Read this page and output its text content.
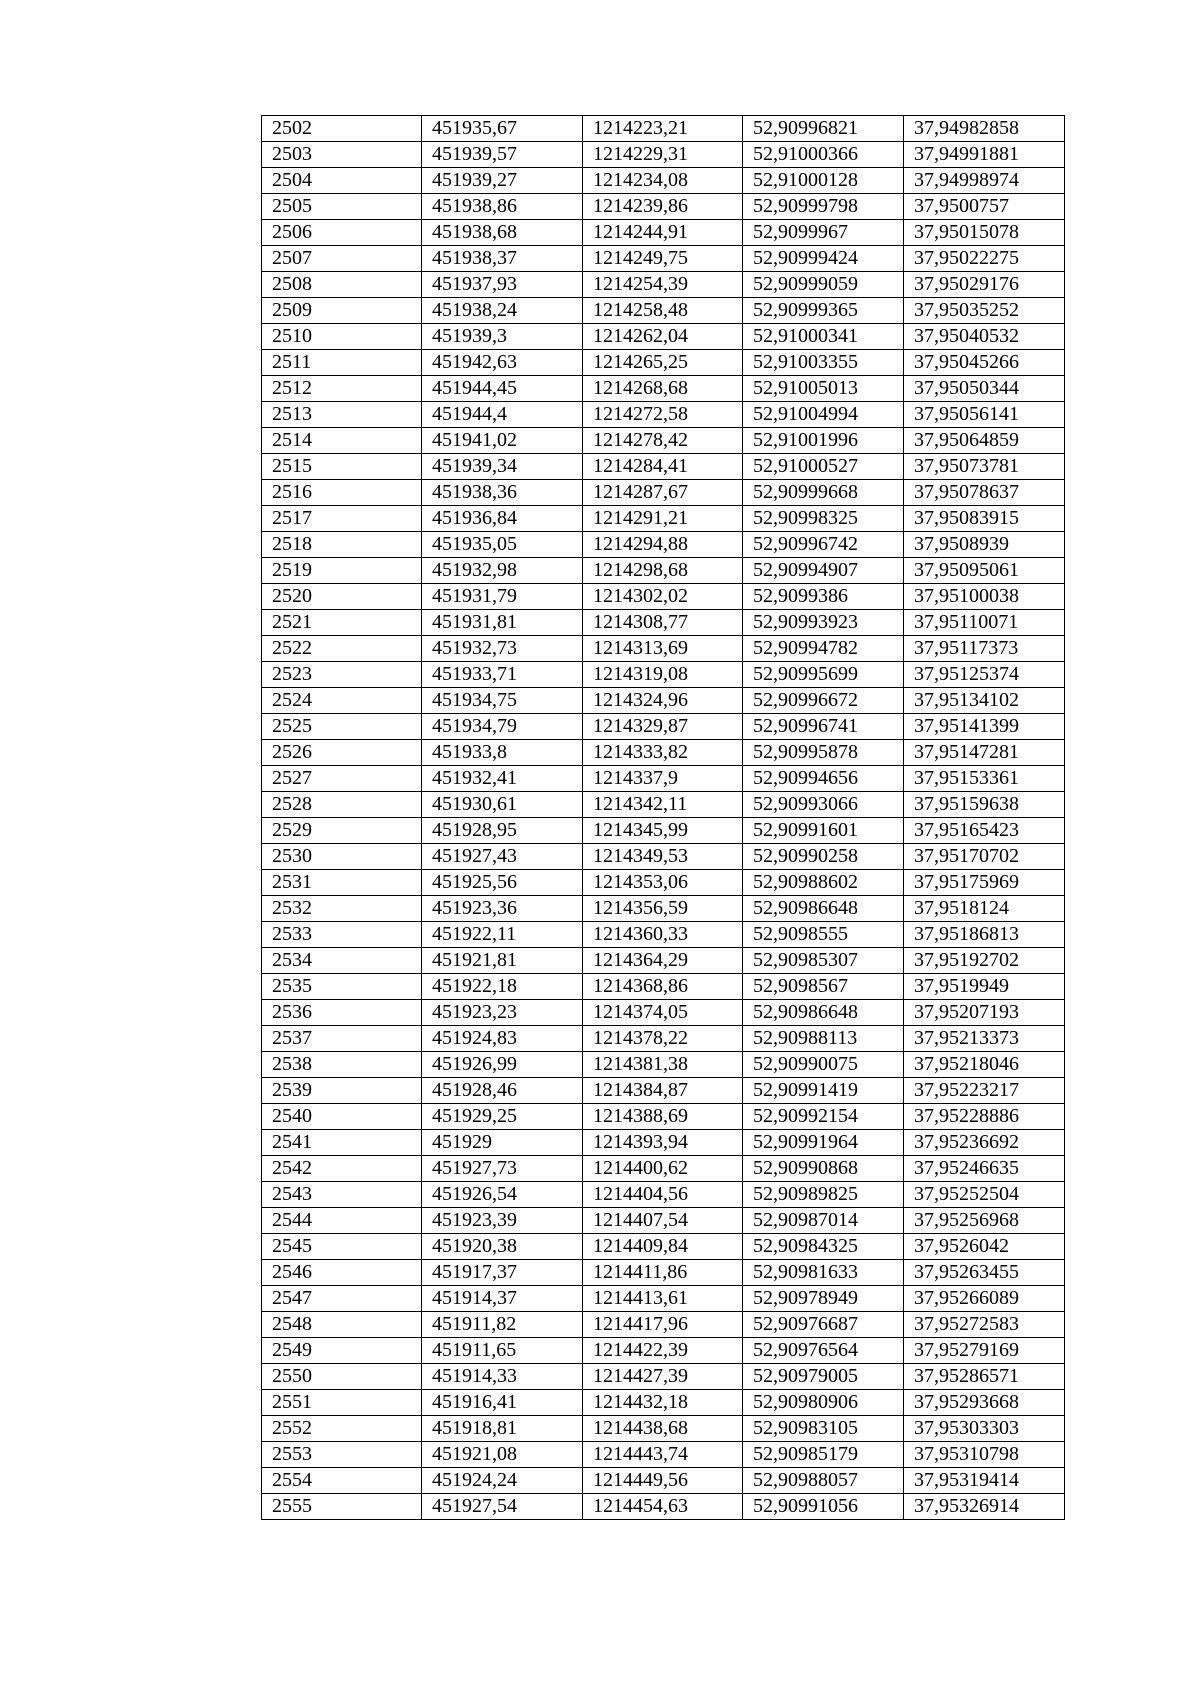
2502	451935,67	1214223,21	52,90996821	37,94982858
2503	451939,57	1214229,31	52,91000366	37,94991881
2504	451939,27	1214234,08	52,91000128	37,94998974
2505	451938,86	1214239,86	52,90999798	37,9500757
2506	451938,68	1214244,91	52,9099967	37,95015078
2507	451938,37	1214249,75	52,90999424	37,95022275
2508	451937,93	1214254,39	52,90999059	37,95029176
2509	451938,24	1214258,48	52,90999365	37,95035252
2510	451939,3	1214262,04	52,91000341	37,95040532
2511	451942,63	1214265,25	52,91003355	37,95045266
2512	451944,45	1214268,68	52,91005013	37,95050344
2513	451944,4	1214272,58	52,91004994	37,95056141
2514	451941,02	1214278,42	52,91001996	37,95064859
2515	451939,34	1214284,41	52,91000527	37,95073781
2516	451938,36	1214287,67	52,90999668	37,95078637
2517	451936,84	1214291,21	52,90998325	37,95083915
2518	451935,05	1214294,88	52,90996742	37,9508939
2519	451932,98	1214298,68	52,90994907	37,95095061
2520	451931,79	1214302,02	52,9099386	37,95100038
2521	451931,81	1214308,77	52,90993923	37,95110071
2522	451932,73	1214313,69	52,90994782	37,95117373
2523	451933,71	1214319,08	52,90995699	37,95125374
2524	451934,75	1214324,96	52,90996672	37,95134102
2525	451934,79	1214329,87	52,90996741	37,95141399
2526	451933,8	1214333,82	52,90995878	37,95147281
2527	451932,41	1214337,9	52,90994656	37,95153361
2528	451930,61	1214342,11	52,90993066	37,95159638
2529	451928,95	1214345,99	52,90991601	37,95165423
2530	451927,43	1214349,53	52,90990258	37,95170702
2531	451925,56	1214353,06	52,90988602	37,95175969
2532	451923,36	1214356,59	52,90986648	37,9518124
2533	451922,11	1214360,33	52,9098555	37,95186813
2534	451921,81	1214364,29	52,90985307	37,95192702
2535	451922,18	1214368,86	52,9098567	37,9519949
2536	451923,23	1214374,05	52,90986648	37,95207193
2537	451924,83	1214378,22	52,90988113	37,95213373
2538	451926,99	1214381,38	52,90990075	37,95218046
2539	451928,46	1214384,87	52,90991419	37,95223217
2540	451929,25	1214388,69	52,90992154	37,95228886
2541	451929	1214393,94	52,90991964	37,95236692
2542	451927,73	1214400,62	52,90990868	37,95246635
2543	451926,54	1214404,56	52,90989825	37,95252504
2544	451923,39	1214407,54	52,90987014	37,95256968
2545	451920,38	1214409,84	52,90984325	37,9526042
2546	451917,37	1214411,86	52,90981633	37,95263455
2547	451914,37	1214413,61	52,90978949	37,95266089
2548	451911,82	1214417,96	52,90976687	37,95272583
2549	451911,65	1214422,39	52,90976564	37,95279169
2550	451914,33	1214427,39	52,90979005	37,95286571
2551	451916,41	1214432,18	52,90980906	37,95293668
2552	451918,81	1214438,68	52,90983105	37,95303303
2553	451921,08	1214443,74	52,90985179	37,95310798
2554	451924,24	1214449,56	52,90988057	37,95319414
2555	451927,54	1214454,63	52,90991056	37,95326914
